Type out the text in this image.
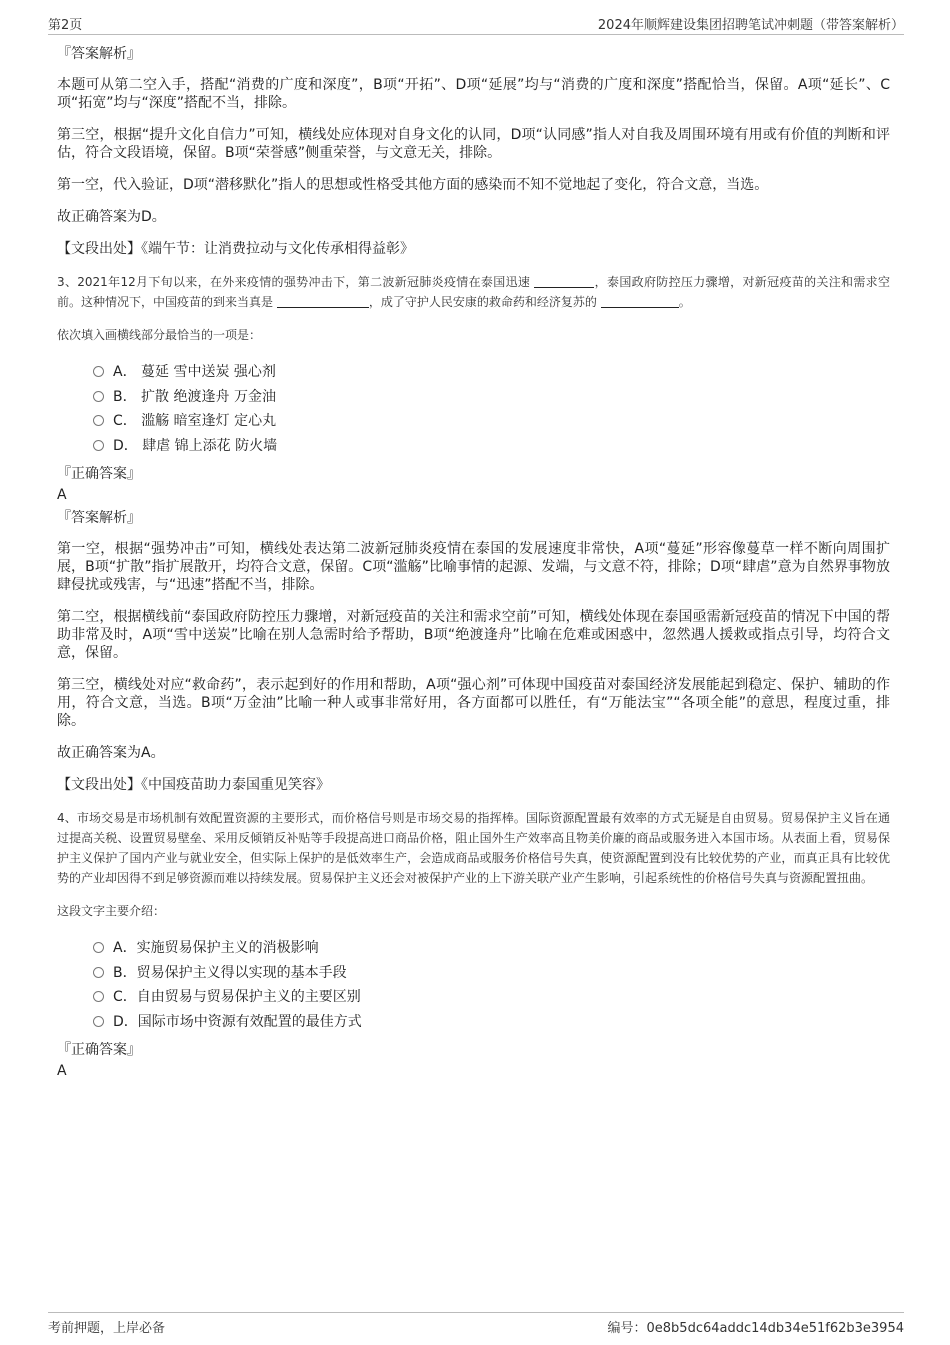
第2页	2024年顺辉建设集团招聘笔试冲刺题（带答案解析）
『答案解析』

本题可从第二空入手，搭配“消费的广度和深度”，B项“开拓”、D项“延展”均与“消费的广度和深度”搭配恰当，保留。A项“延长”、C项“拓宽”均与“深度”搭配不当，排除。

第三空，根据“提升文化自信力”可知，横线处应体现对自身文化的认同，D项“认同感”指人对自我及周围环境有用或有价值的判断和评估，符合文段语境，保留。B项“荣誉感”侧重荣誉，与文意无关，排除。

第一空，代入验证，D项“潜移默化”指人的思想或性格受其他方面的感染而不知不觉地起了变化，符合文意，当选。

故正确答案为D。

【文段出处】《端午节：让消费拉动与文化传承相得益彰》

3、2021年12月下旬以来，在外来疫情的强势冲击下，第二波新冠肺炎疫情在泰国迅速	，泰国政府防控压力骤增，对新冠疫苗的关注和需求空前。这种情况下，中国疫苗的到来当真是	，成了守护人民安康的救命药和经济复苏的	。

依次填入画横线部分最恰当的一项是：

A． 蔓延 雪中送炭 强心剂
B． 扩散 绝渡逢舟 万金油
C． 滥觞 暗室逢灯 定心丸
D． 肆虐 锦上添花 防火墙
『正确答案』
A
『答案解析』

第一空，根据“强势冲击”可知，横线处表达第二波新冠肺炎疫情在泰国的发展速度非常快，A项“蔓延”形容像蔓草一样不断向周围扩展，B项“扩散”指扩展散开，均符合文意，保留。C项“滥觞”比喻事情的起源、发端，与文意不符，排除；D项“肆虐”意为自然界事物放肆侵扰或残害，与“迅速”搭配不当，排除。

第二空，根据横线前“泰国政府防控压力骤增，对新冠疫苗的关注和需求空前”可知，横线处体现在泰国亟需新冠疫苗的情况下中国的帮助非常及时，A项“雪中送炭”比喻在别人急需时给予帮助，B项“绝渡逢舟”比喻在危难或困惑中，忽然遇人援救或指点引导，均符合文意，保留。

第三空，横线处对应“救命药”，表示起到好的作用和帮助，A项“强心剂”可体现中国疫苗对泰国经济发展能起到稳定、保护、辅助的作用，符合文意，当选。B项“万金油”比喻一种人或事非常好用，各方面都可以胜任，有“万能法宝”“各项全能”的意思，程度过重，排除。

故正确答案为A。

【文段出处】《中国疫苗助力泰国重见笑容》

4、市场交易是市场机制有效配置资源的主要形式，而价格信号则是市场交易的指挥棒。国际资源配置最有效率的方式无疑是自由贸易。贸易保护主义旨在通过提高关税、设置贸易壁垒、采用反倾销反补贴等手段提高进口商品价格，阻止国外生产效率高且物美价廉的商品或服务进入本国市场。从表面上看，贸易保护主义保护了国内产业与就业安全，但实际上保护的是低效率生产，会造成商品或服务价格信号失真，使资源配置到没有比较优势的产业，而真正具有比较优势的产业却因得不到足够资源而难以持续发展。贸易保护主义还会对被保护产业的上下游关联产业产生影响，引起系统性的价格信号失真与资源配置扭曲。

这段文字主要介绍：

A．实施贸易保护主义的消极影响
B．贸易保护主义得以实现的基本手段
C．自由贸易与贸易保护主义的主要区别
D．国际市场中资源有效配置的最佳方式
『正确答案』
A
考前押题，上岸必备	编号：0e8b5dc64addc14db34e51f62b3e3954
